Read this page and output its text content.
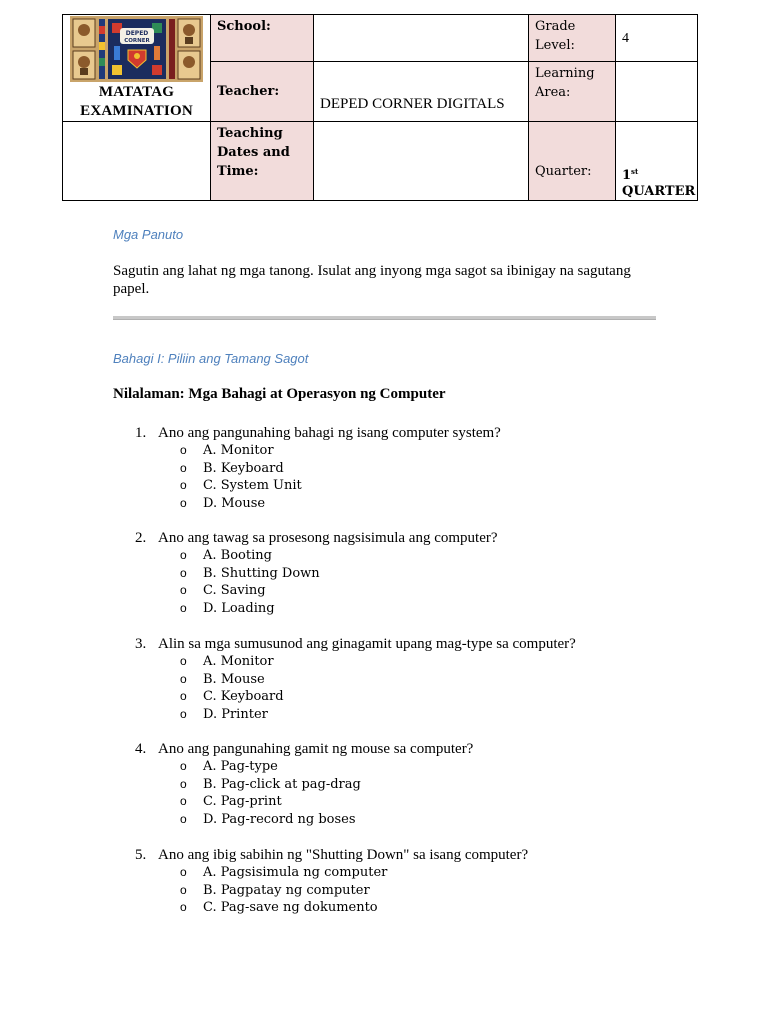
DEPED
CORNER
MATATAG EXAMINATION	School:		Grade Level:	4
	Teacher:	DEPED CORNER DIGITALS	Learning Area:	
	Teaching Dates and Time:		Quarter:	1st
QUARTER
Mga Panuto
Sagutin ang lahat ng mga tanong. Isulat ang inyong mga sagot sa ibinigay na sagutang papel.
Bahagi I: Piliin ang Tamang Sagot
Nilalaman: Mga Bahagi at Operasyon ng Computer
1. Ano ang pangunahing bahagi ng isang computer system?
o A. Monitor
o B. Keyboard
o C. System Unit
o D. Mouse
2. Ano ang tawag sa prosesong nagsisimula ang computer?
o A. Booting
o B. Shutting Down
o C. Saving
o D. Loading
3. Alin sa mga sumusunod ang ginagamit upang mag-type sa computer?
o A. Monitor
o B. Mouse
o C. Keyboard
o D. Printer
4. Ano ang pangunahing gamit ng mouse sa computer?
o A. Pag-type
o B. Pag-click at pag-drag
o C. Pag-print
o D. Pag-record ng boses
5. Ano ang ibig sabihin ng "Shutting Down" sa isang computer?
o A. Pagsisimula ng computer
o B. Pagpatay ng computer
o C. Pag-save ng dokumento
